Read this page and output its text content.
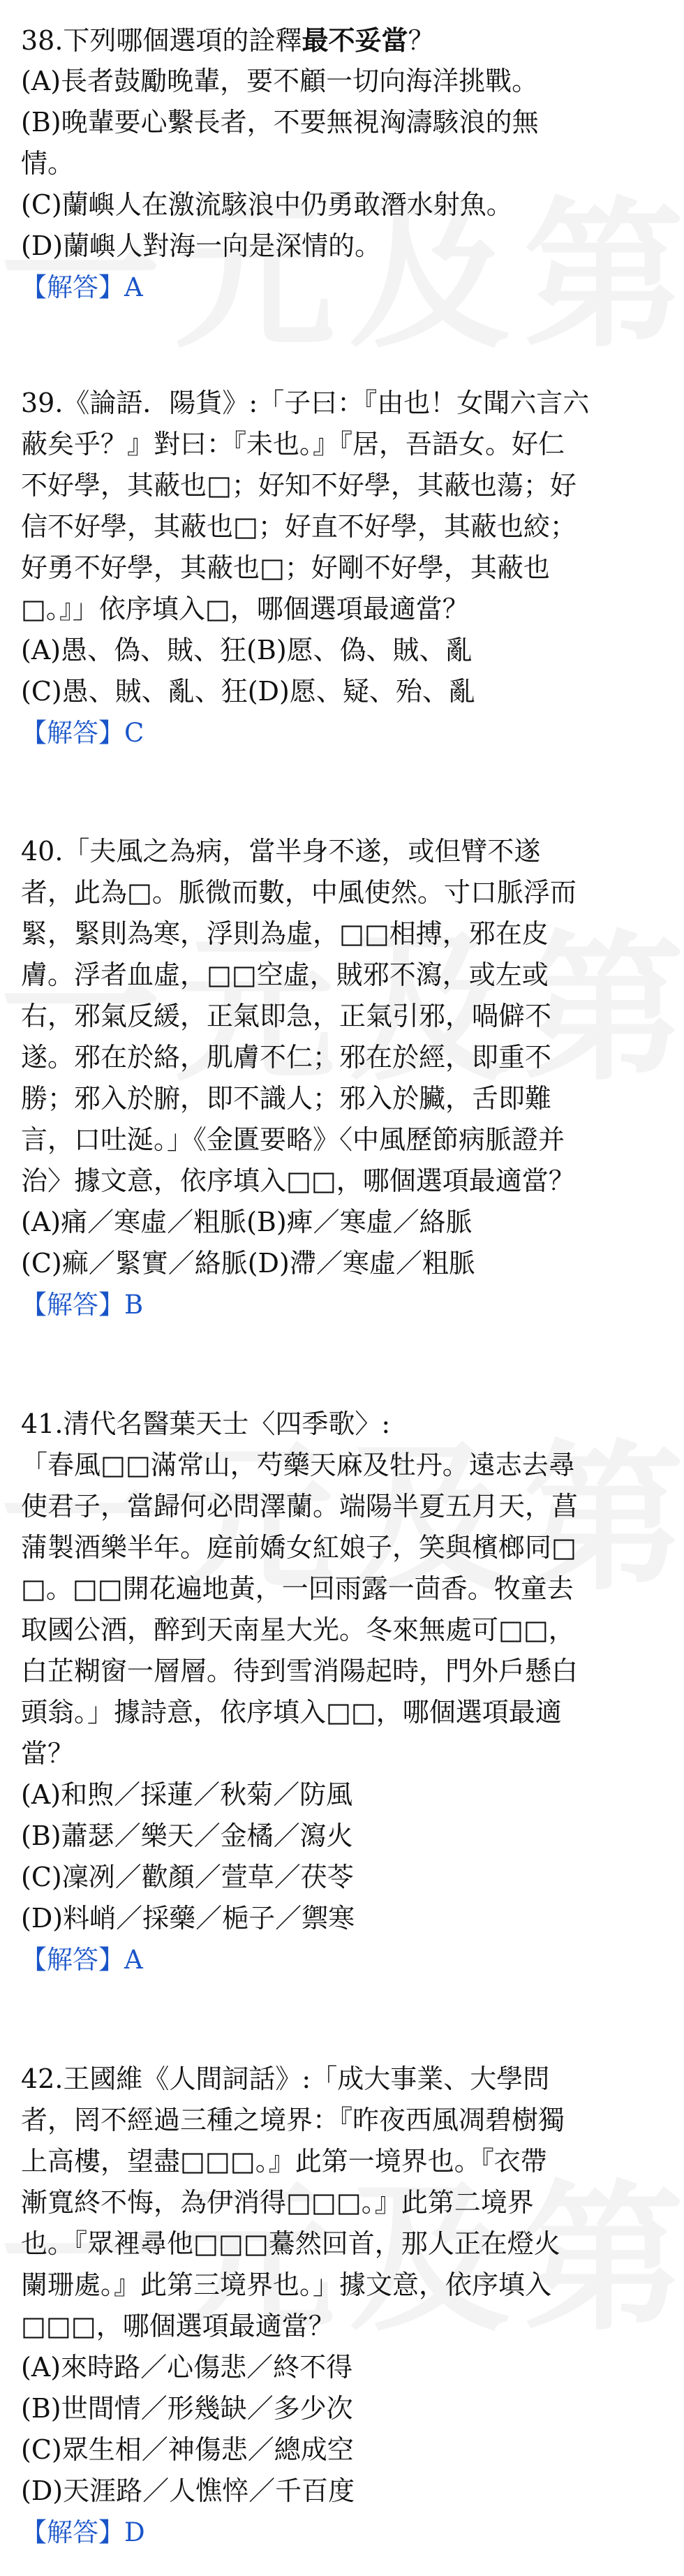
38.下列哪個選項的詮釋最不妥當？
(A)長者鼓勵晚輩，要不顧一切向海洋挑戰。
(B)晚輩要心繫長者，不要無視洶濤駭浪的無
情。
(C)蘭嶼人在激流駭浪中仍勇敢潛水射魚。
(D)蘭嶼人對海一向是深情的。
【解答】A
39.《論語．陽貨》:「子曰：『由也！女聞六言六
蔽矣乎？』對曰：『未也。』『居，吾語女。好仁
不好學，其蔽也□；好知不好學，其蔽也蕩；好
信不好學，其蔽也□；好直不好學，其蔽也絞；
好勇不好學，其蔽也□；好剛不好學，其蔽也
□。』」依序填入□，哪個選項最適當？
(A)愚、偽、賊、狂(B)愿、偽、賊、亂
(C)愚、賊、亂、狂(D)愿、疑、殆、亂
【解答】C
40.「夫風之為病，當半身不遂，或但臂不遂
者，此為□。脈微而數，中風使然。寸口脈浮而
緊，緊則為寒，浮則為虛，□□相搏，邪在皮
膚。浮者血虛，□□空虛，賊邪不瀉，或左或
右，邪氣反緩，正氣即急，正氣引邪，喎僻不
遂。邪在於絡，肌膚不仁；邪在於經，即重不
勝；邪入於腑，即不識人；邪入於臟，舌即難
言，口吐涎。」《金匱要略》〈中風歷節病脈證并
治〉據文意，依序填入□□，哪個選項最適當？
(A)痛／寒虛／粗脈(B)痺／寒虛／絡脈
(C)痲／緊實／絡脈(D)滯／寒虛／粗脈
【解答】B
41.清代名醫葉天士〈四季歌〉:
「春風□□滿常山，芍藥天麻及牡丹。遠志去尋
使君子，當歸何必問澤蘭。端陽半夏五月天，菖
蒲製酒樂半年。庭前嬌女紅娘子，笑與檳榔同□
□。□□開花遍地黃，一回雨露一茴香。牧童去
取國公酒，醉到天南星大光。冬來無處可□□，
白芷糊窗一層層。待到雪消陽起時，門外戶懸白
頭翁。」據詩意，依序填入□□，哪個選項最適
當？
(A)和煦／採蓮／秋菊／防風
(B)蕭瑟／樂天／金橘／瀉火
(C)凜冽／歡顏／萱草／茯苓
(D)料峭／採藥／梔子／禦寒
【解答】A
42.王國維《人間詞話》:「成大事業、大學問
者，罔不經過三種之境界：『昨夜西風凋碧樹獨
上高樓，望盡□□□。』此第一境界也。『衣帶
漸寬終不悔，為伊消得□□□。』此第二境界
也。『眾裡尋他□□□驀然回首，那人正在燈火
闌珊處。』此第三境界也。」據文意，依序填入
□□□，哪個選項最適當？
(A)來時路／心傷悲／終不得
(B)世間情／形幾缺／多少次
(C)眾生相／神傷悲／總成空
(D)天涯路／人憔悴／千百度
【解答】D
